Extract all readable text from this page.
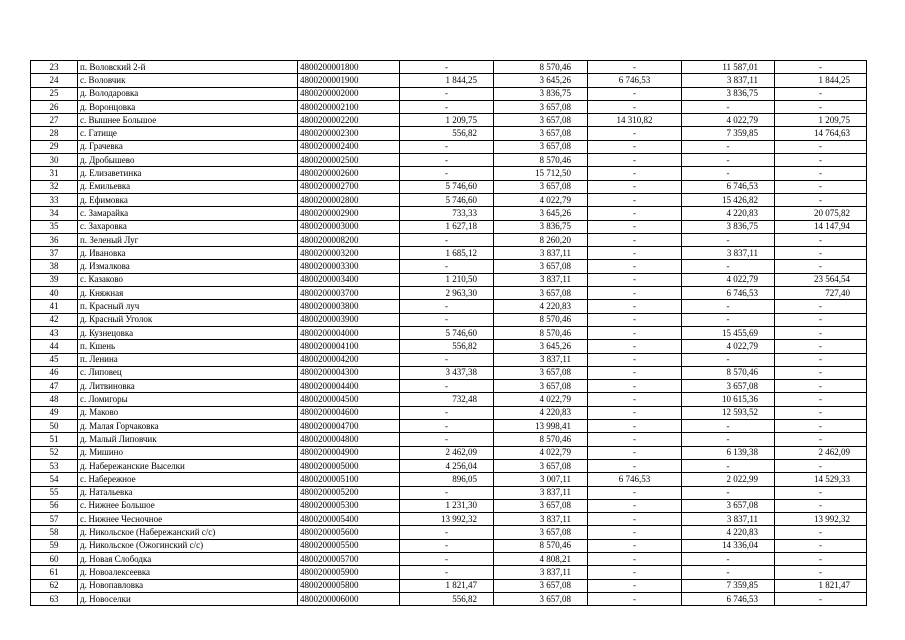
23	п. Воловский 2-й	4800200001800	-	8 570,46	-	11 587,01	-
24	с. Воловчик	4800200001900	1 844,25	3 645,26	6 746,53	3 837,11	1 844,25
25	д. Володаровка	4800200002000	-	3 836,75	-	3 836,75	-
26	д. Воронцовка	4800200002100	-	3 657,08	-	-	-
27	с. Вышнее Большое	4800200002200	1 209,75	3 657,08	14 310,82	4 022,79	1 209,75
28	с. Гатище	4800200002300	556,82	3 657,08	-	7 359,85	14 764,63
29	д. Грачевка	4800200002400	-	3 657,08	-	-	-
30	д. Дробышево	4800200002500	-	8 570,46	-	-	-
31	д. Елизаветинка	4800200002600	-	15 712,50	-	-	-
32	д. Емильевка	4800200002700	5 746,60	3 657,08	-	6 746,53	-
33	д. Ефимовка	4800200002800	5 746,60	4 022,79	-	15 426,82	-
34	с. Замарайка	4800200002900	733,33	3 645,26	-	4 220,83	20 075,82
35	с. Захаровка	4800200003000	1 627,18	3 836,75	-	3 836,75	14 147,94
36	п. Зеленый Луг	4800200008200	-	8 260,20	-	-	-
37	д. Ивановка	4800200003200	1 685,12	3 837,11	-	3 837,11	-
38	д. Измалкова	4800200003300	-	3 657,08	-	-	-
39	с. Казаково	4800200003400	1 210,50	3 837,11	-	4 022,79	23 564,54
40	д. Княжная	4800200003700	2 963,30	3 657,08	-	6 746,53	727,40
41	п. Красный луч	4800200003800	-	4 220,83	-	-	-
42	д. Красный Уголок	4800200003900	-	8 570,46	-	-	-
43	д. Кузнецовка	4800200004000	5 746,60	8 570,46	-	15 455,69	-
44	п. Кшень	4800200004100	556,82	3 645,26	-	4 022,79	-
45	п. Ленина	4800200004200	-	3 837,11	-	-	-
46	с. Липовец	4800200004300	3 437,38	3 657,08	-	8 570,46	-
47	д. Литвиновка	4800200004400	-	3 657,08	-	3 657,08	-
48	с. Ломигоры	4800200004500	732,48	4 022,79	-	10 615,36	-
49	д. Маково	4800200004600	-	4 220,83	-	12 593,52	-
50	д. Малая Горчаковка	4800200004700	-	13 998,41	-	-	-
51	д. Малый Липовчик	4800200004800	-	8 570,46	-	-	-
52	д. Мишино	4800200004900	2 462,09	4 022,79	-	6 139,38	2 462,09
53	д. Набережанские Выселки	4800200005000	4 256,04	3 657,08	-	-	-
54	с. Набережное	4800200005100	896,05	3 007,11	6 746,53	2 022,99	14 529,33
55	д. Натальевка	4800200005200	-	3 837,11	-	-	-
56	с. Нижнее Большое	4800200005300	1 231,30	3 657,08	-	3 657,08	-
57	с. Нижнее Чесночное	4800200005400	13 992,32	3 837,11	-	3 837,11	13 992,32
58	д. Никольское (Набережанский с/с)	4800200005600	-	3 657,08	-	4 220,83	-
59	д. Никольское (Ожогинский с/с)	4800200005500	-	8 570,46	-	14 336,04	-
60	д. Новая Слободка	4800200005700	-	4 808,21	-	-	-
61	д. Новоалексеевка	4800200005900	-	3 837,11	-	-	-
62	д. Новопавловка	4800200005800	1 821,47	3 657,08	-	7 359,85	1 821,47
63	д. Новоселки	4800200006000	556,82	3 657,08	-	6 746,53	-
